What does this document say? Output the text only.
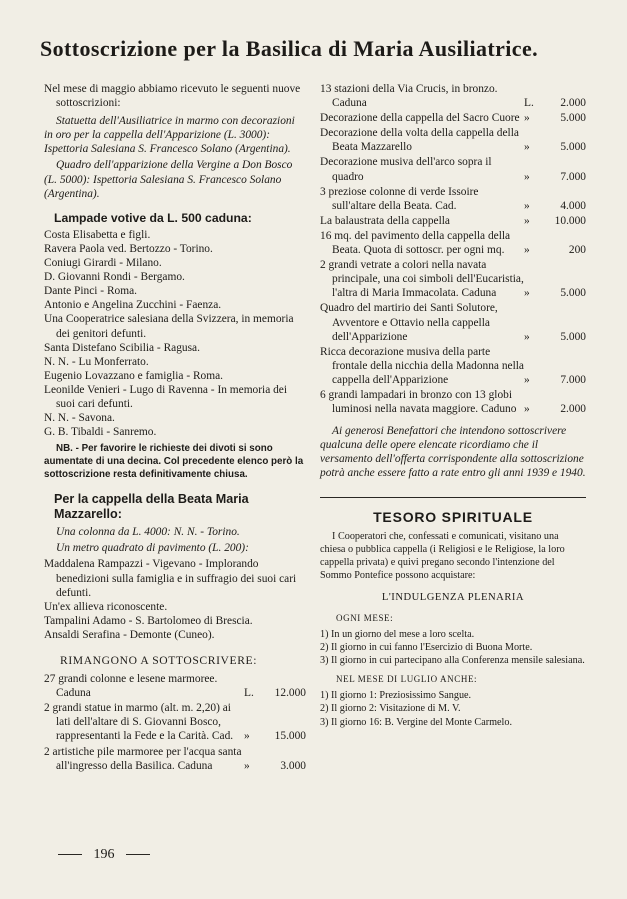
Sottoscrizione per la Basilica di Maria Ausiliatrice.

Nel mese di maggio abbiamo ricevuto le seguenti nuove sottoscrizioni:

Statuetta dell'Ausiliatrice in marmo con decorazioni in oro per la cappella dell'Apparizione (L. 3000): Ispettoria Salesiana S. Francesco Solano (Argentina).

Quadro dell'apparizione della Vergine a Don Bosco (L. 5000): Ispettoria Salesiana S. Francesco Solano (Argentina).

Lampade votive da L. 500 caduna:

Costa Elisabetta e figli.

Ravera Paola ved. Bertozzo - Torino.

Coniugi Girardi - Milano.

D. Giovanni Rondi - Bergamo.

Dante Pinci - Roma.

Antonio e Angelina Zucchini - Faenza.

Una Cooperatrice salesiana della Svizzera, in memoria dei genitori defunti.

Santa Distefano Scibilia - Ragusa.

N. N. - Lu Monferrato.

Eugenio Lovazzano e famiglia - Roma.

Leonilde Venieri - Lugo di Ravenna - In memoria dei suoi cari defunti.

N. N. - Savona.

G. B. Tibaldi - Sanremo.

NB. - Per favorire le richieste dei divoti si sono aumentate di una decina. Col precedente elenco però la sottoscrizione resta definitivamente chiusa.

Per la cappella della Beata Maria Mazzarello:

Una colonna da L. 4000: N. N. - Torino.

Un metro quadrato di pavimento (L. 200):

Maddalena Rampazzi - Vigevano - Implorando benedizioni sulla famiglia e in suffragio dei suoi cari defunti.

Un'ex allieva riconoscente.

Tampalini Adamo - S. Bartolomeo di Brescia.

Ansaldi Serafina - Demonte (Cuneo).

RIMANGONO A SOTTOSCRIVERE:
27 grandi colonne e lesene marmoree. Caduna	L.	12.000
2 grandi statue in marmo (alt. m. 2,20) ai lati dell'altare di S. Giovanni Bosco, rappresentanti la Fede e la Carità. Cad. »	15.000
2 artistiche pile marmoree per l'acqua santa all'ingresso della Basilica. Caduna	»	3.000
13 stazioni della Via Crucis, in bronzo. Caduna	L.	2.000
Decorazione della cappella del Sacro Cuore »	5.000
Decorazione della volta della cappella della Beata Mazzarello	»	5.000
Decorazione musiva dell'arco sopra il quadro	»	7.000
3 preziose colonne di verde Issoire sull'altare della Beata. Cad.	»	4.000
La balaustrata della cappella	»	10.000
16 mq. del pavimento della cappella della Beata. Quota di sottoscr. per ogni mq.	»	200
2 grandi vetrate a colori nella navata principale, una coi simboli dell'Eucaristia, l'altra di Maria Immacolata. Caduna	»	5.000
Quadro del martirio dei Santi Solutore, Avventore e Ottavio nella cappella dell'Apparizione	»	5.000
Ricca decorazione musiva della parte frontale della nicchia della Madonna nella cappella dell'Apparizione	»	7.000
6 grandi lampadari in bronzo con 13 globi luminosi nella navata maggiore. Caduno »	2.000

Ai generosi Benefattori che intendono sottoscrivere qualcuna delle opere elencate ricordiamo che il versamento dell'offerta corrispondente alla sottoscrizione potrà anche essere fatto a rate entro gli anni 1939 e 1940.

TESORO SPIRITUALE

I Cooperatori che, confessati e comunicati, visitano una chiesa o pubblica cappella (i Religiosi e le Religiose, la loro cappella privata) e quivi pregano secondo l'intenzione del Sommo Pontefice possono acquistare:

L'INDULGENZA PLENARIA
OGNI MESE:

1) In un giorno del mese a loro scelta.

2) Il giorno in cui fanno l'Esercizio di Buona Morte.

3) Il giorno in cui partecipano alla Conferenza mensile salesiana.

NEL MESE DI LUGLIO ANCHE:

1) Il giorno 1: Preziosissimo Sangue.

2) Il giorno 2: Visitazione di M. V.

3) Il giorno 16: B. Vergine del Monte Carmelo.

196
